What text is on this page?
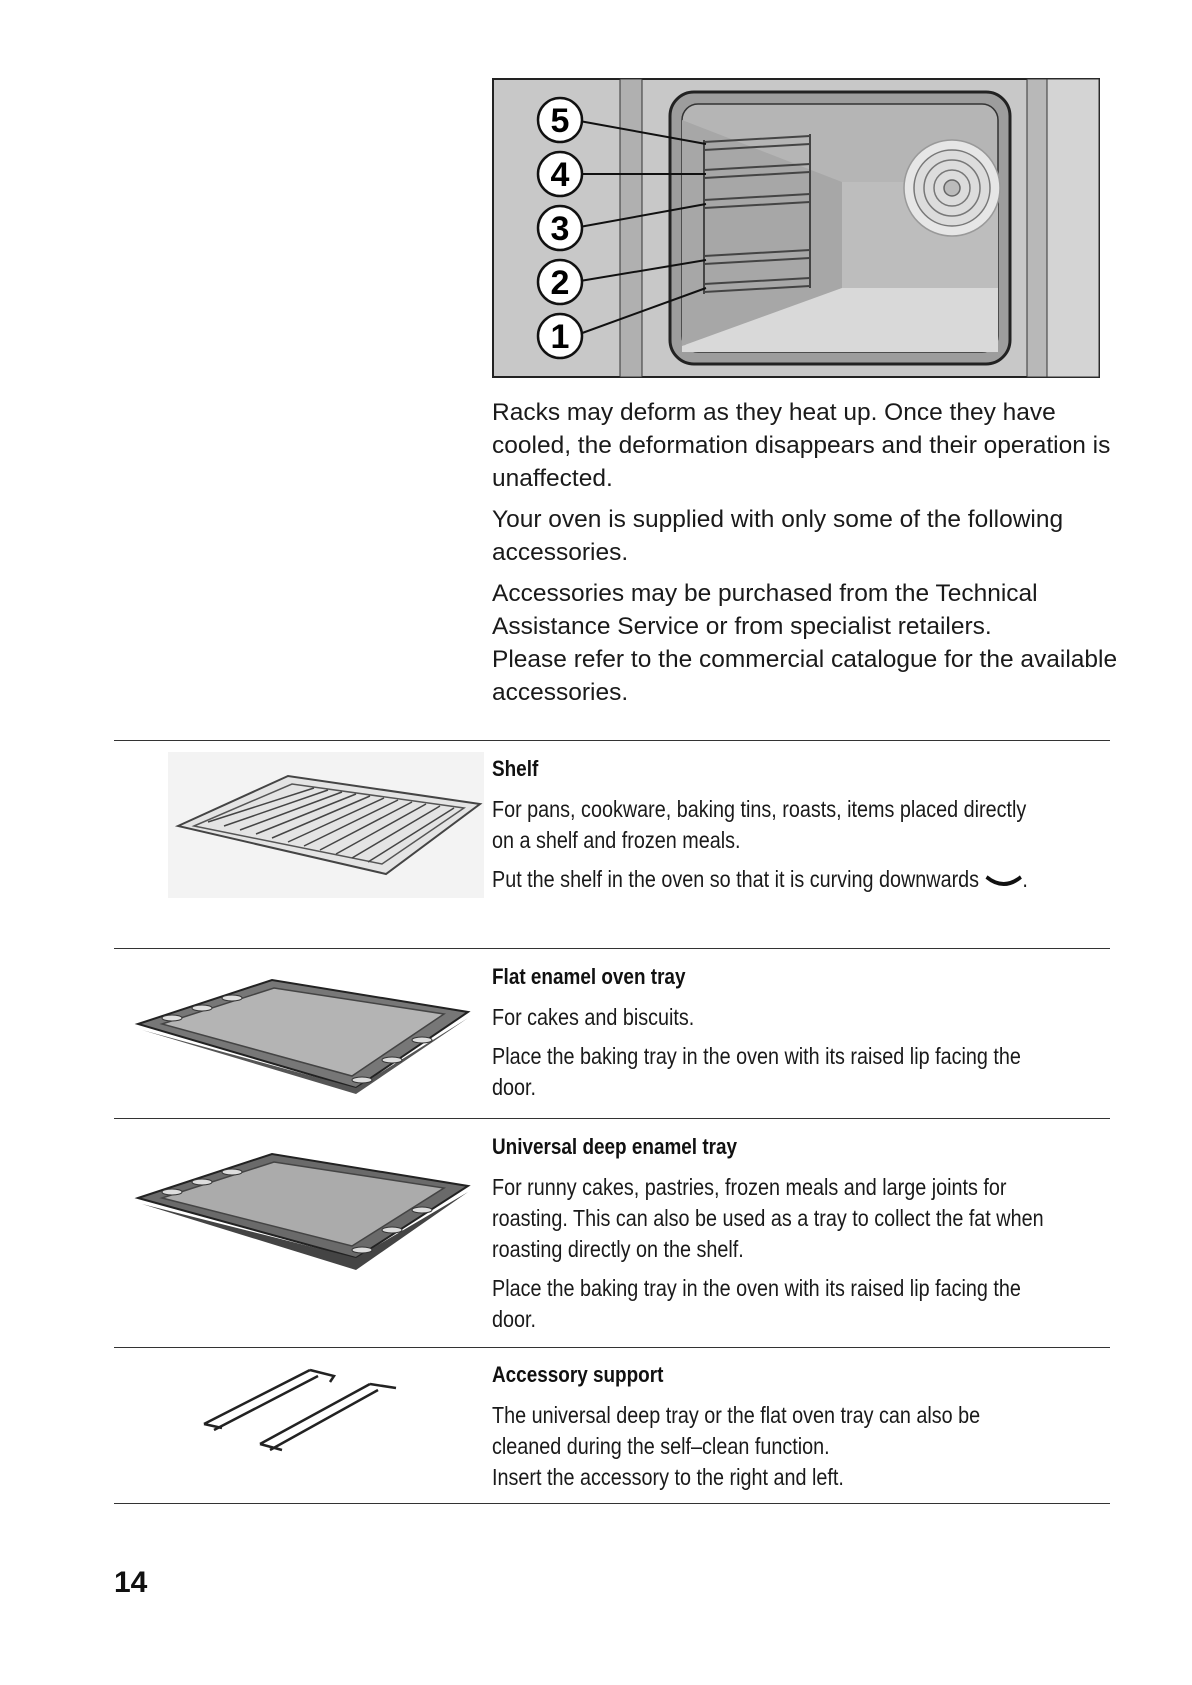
5
4
3
2
1

Racks may deform as they heat up. Once they have cooled, the deformation disappears and their operation is unaffected.

Your oven is supplied with only some of the following accessories.

Accessories may be purchased from the Technical Assistance Service or from specialist retailers.

Please refer to the commercial catalogue for the available accessories.

Shelf

For pans, cookware, baking tins, roasts, items placed directly on a shelf and frozen meals.

Put the shelf in the oven so that it is curving downwards .

Flat enamel oven tray

For cakes and biscuits.

Place the baking tray in the oven with its raised lip facing the door.

Universal deep enamel tray

For runny cakes, pastries, frozen meals and large joints for roasting. This can also be used as a tray to collect the fat when roasting directly on the shelf.

Place the baking tray in the oven with its raised lip facing the door.

Accessory support

The universal deep tray or the flat oven tray can also be cleaned during the self–clean function.

Insert the accessory to the right and left.

14
